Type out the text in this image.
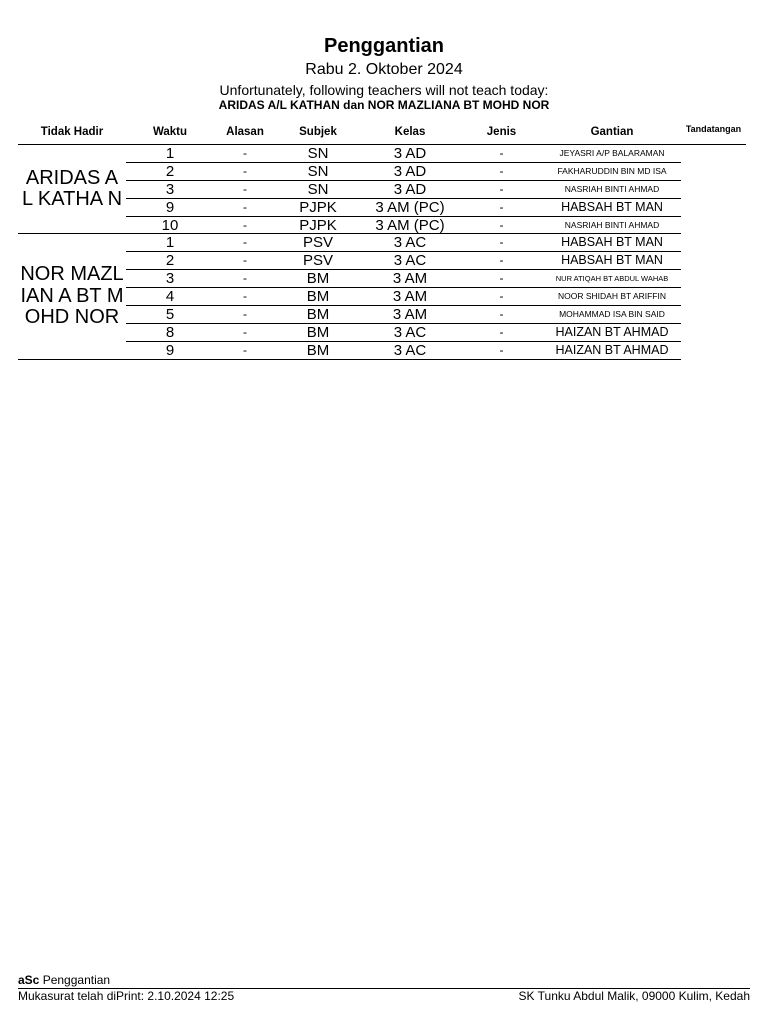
Penggantian
Rabu 2. Oktober 2024
Unfortunately, following teachers will not teach today:
ARIDAS A/L KATHAN dan NOR MAZLIANA BT MOHD NOR
Tidak Hadir	Waktu	Alasan	Subjek	Kelas	Jenis	Gantian	Tandatangan
ARIDAS A L KATHA N	1	-	SN	3 AD	-	JEYASRI A/P BALARAMAN	
	2	-	SN	3 AD	-	FAKHARUDDIN BIN MD ISA	
	3	-	SN	3 AD	-	NASRIAH BINTI AHMAD	
	9	-	PJPK	3 AM (PC)	-	HABSAH BT MAN	
	10	-	PJPK	3 AM (PC)	-	NASRIAH BINTI AHMAD	
NOR MAZLIAN A BT MOHD NOR	1	-	PSV	3 AC	-	HABSAH BT MAN	
	2	-	PSV	3 AC	-	HABSAH BT MAN	
	3	-	BM	3 AM	-	NUR ATIQAH BT ABDUL WAHAB	
	4	-	BM	3 AM	-	NOOR SHIDAH BT ARIFFIN	
	5	-	BM	3 AM	-	MOHAMMAD ISA BIN SAID	
	8	-	BM	3 AC	-	HAIZAN BT AHMAD	
	9	-	BM	3 AC	-	HAIZAN BT AHMAD	
aSc Penggantian
Mukasurat telah diPrint: 2.10.2024 12:25	SK Tunku Abdul Malik, 09000 Kulim, Kedah
